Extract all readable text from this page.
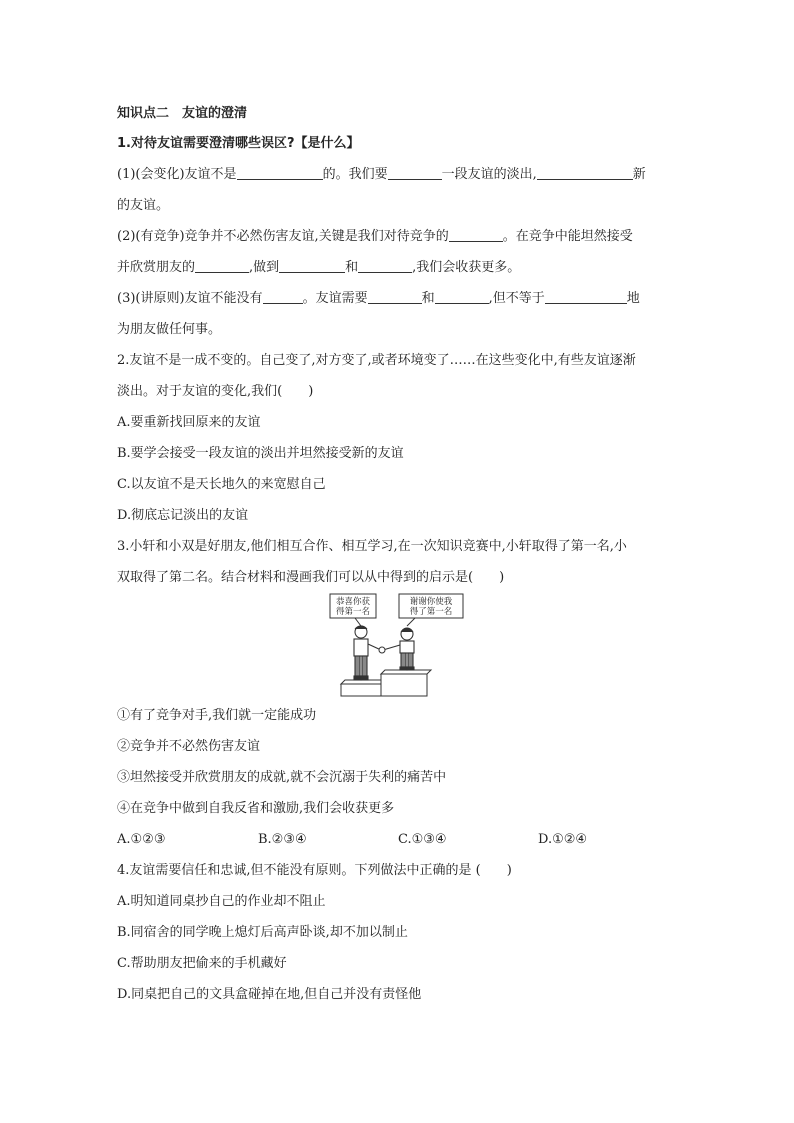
知识点二　友谊的澄清
1.对待友谊需要澄清哪些误区?【是什么】
(1)(会变化)友谊不是	的。我们要	一段友谊的淡出,	新
的友谊。
(2)(有竞争)竞争并不必然伤害友谊,关键是我们对待竞争的	。在竞争中能坦然接受
并欣赏朋友的	,做到	和	,我们会收获更多。
(3)(讲原则)友谊不能没有	。友谊需要	和	,但不等于	地
为朋友做任何事。
2.友谊不是一成不变的。自己变了,对方变了,或者环境变了……在这些变化中,有些友谊逐渐
淡出。对于友谊的变化,我们(　　)
A.要重新找回原来的友谊
B.要学会接受一段友谊的淡出并坦然接受新的友谊
C.以友谊不是天长地久的来宽慰自己
D.彻底忘记淡出的友谊
3.小轩和小双是好朋友,他们相互合作、相互学习,在一次知识竞赛中,小轩取得了第一名,小
双取得了第二名。结合材料和漫画我们可以从中得到的启示是(　　)
恭喜你获
得第一名
谢谢你使我
得了第一名
①有了竞争对手,我们就一定能成功
②竞争并不必然伤害友谊
③坦然接受并欣赏朋友的成就,就不会沉溺于失利的痛苦中
④在竞争中做到自我反省和激励,我们会收获更多
A.①②③	B.②③④	C.①③④	D.①②④
4.友谊需要信任和忠诚,但不能没有原则。下列做法中正确的是 (　　)
A.明知道同桌抄自己的作业却不阻止
B.同宿舍的同学晚上熄灯后高声卧谈,却不加以制止
C.帮助朋友把偷来的手机藏好
D.同桌把自己的文具盒碰掉在地,但自己并没有责怪他
